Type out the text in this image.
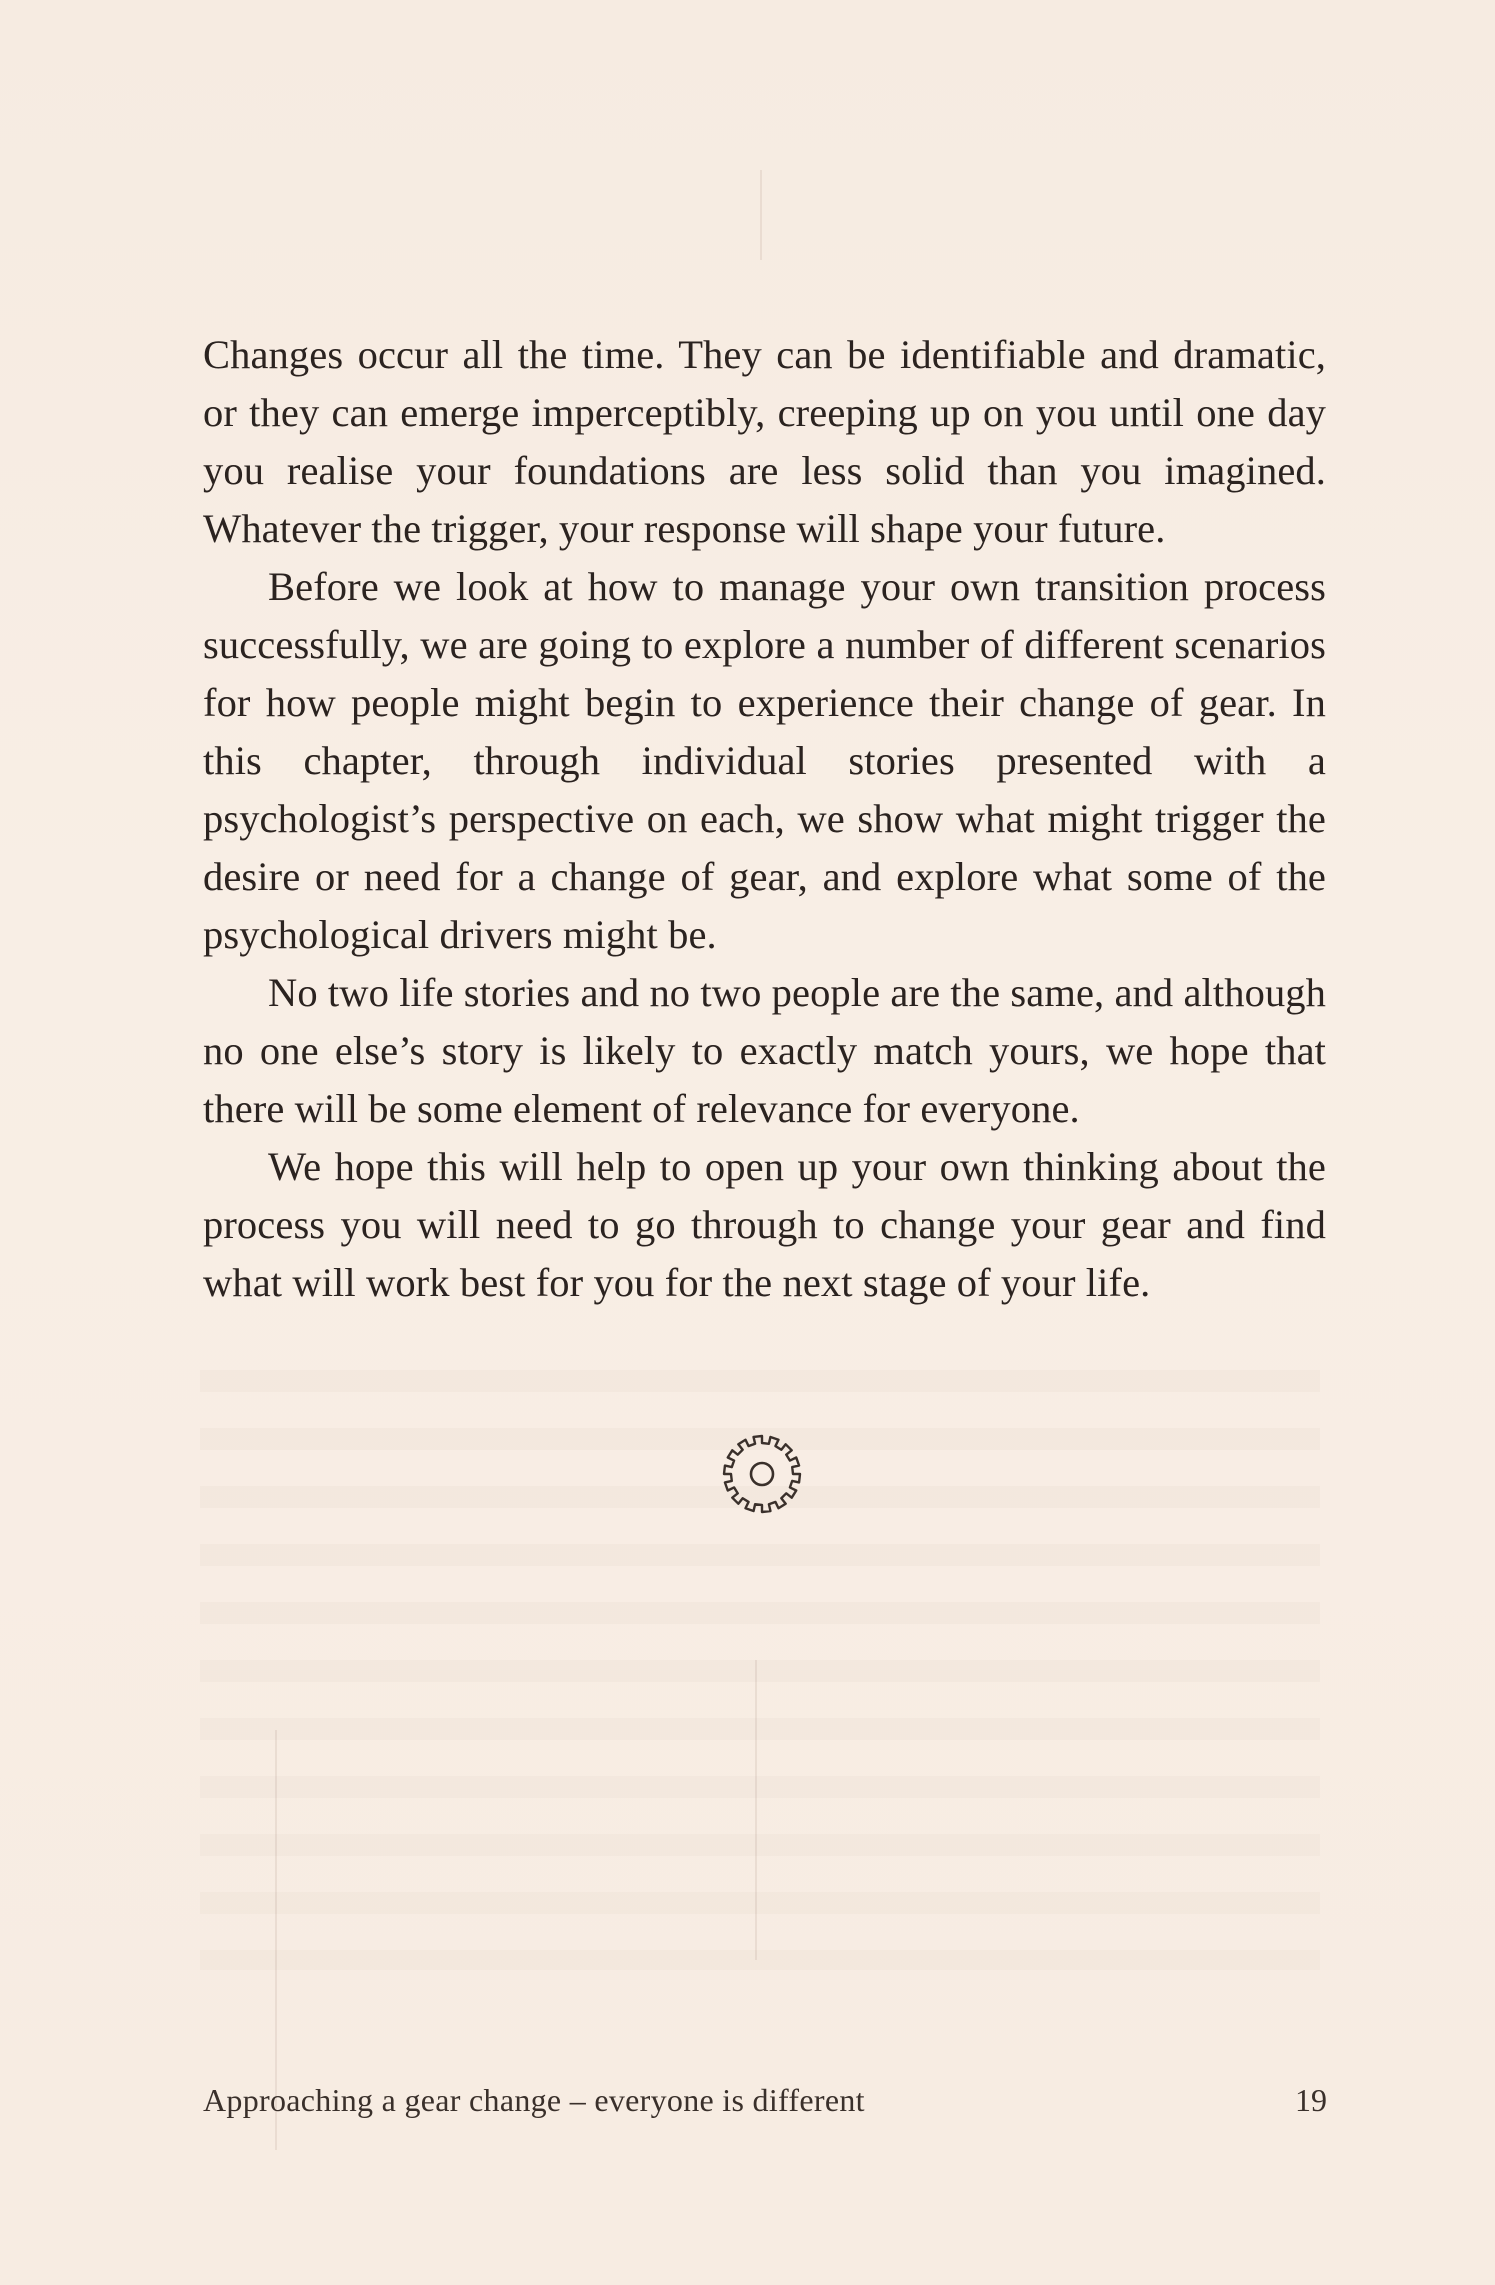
Changes occur all the time. They can be identifiable and dramatic, or they can emerge imperceptibly, creeping up on you until one day you realise your foundations are less solid than you imagined. Whatever the trigger, your response will shape your future.

Before we look at how to manage your own transition process successfully, we are going to explore a number of different scenarios for how people might begin to experience their change of gear. In this chapter, through individual stories presented with a psychologist’s perspective on each, we show what might trigger the desire or need for a change of gear, and explore what some of the psychological drivers might be.

No two life stories and no two people are the same, and although no one else’s story is likely to exactly match yours, we hope that there will be some element of relevance for everyone.

We hope this will help to open up your own thinking about the process you will need to go through to change your gear and find what will work best for you for the next stage of your life.

Approaching a gear change – everyone is different	19
